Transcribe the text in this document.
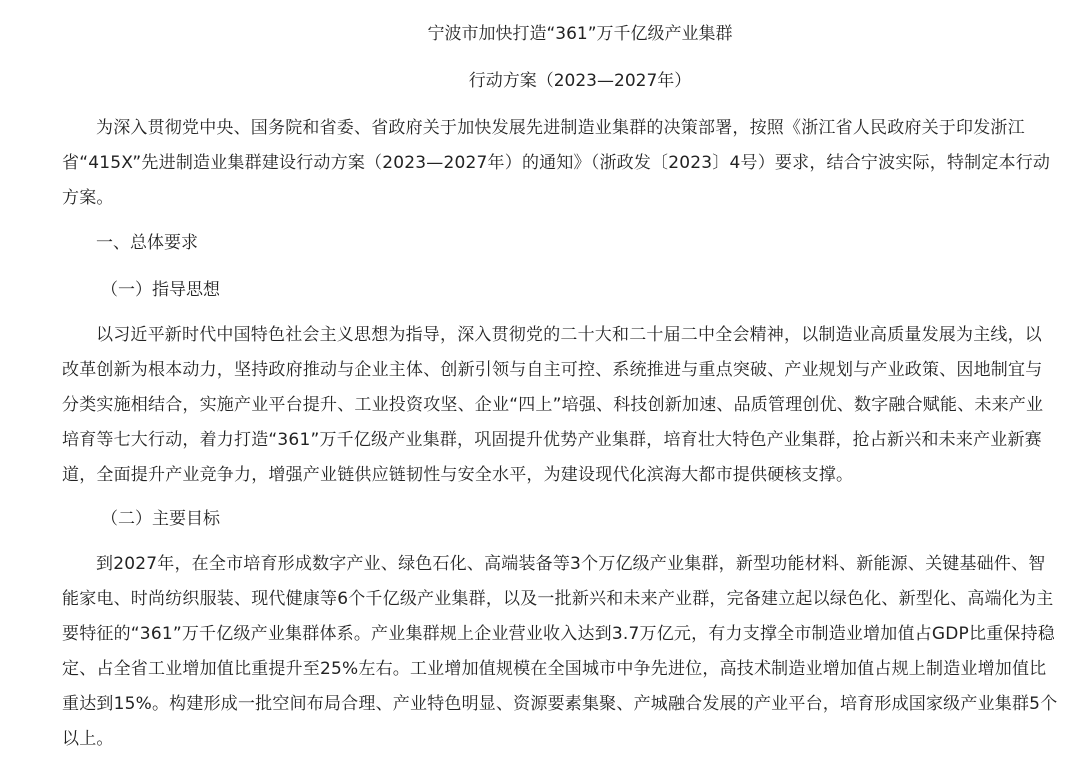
宁波市加快打造“361”万千亿级产业集群
行动方案（2023—2027年）

为深入贯彻党中央、国务院和省委、省政府关于加快发展先进制造业集群的决策部署，按照《浙江省人民政府关于印发浙江省“415X”先进制造业集群建设行动方案（2023—2027年）的通知》（浙政发〔2023〕4号）要求，结合宁波实际，特制定本行动方案。

一、总体要求
（一）指导思想

以习近平新时代中国特色社会主义思想为指导，深入贯彻党的二十大和二十届二中全会精神，以制造业高质量发展为主线，以改革创新为根本动力，坚持政府推动与企业主体、创新引领与自主可控、系统推进与重点突破、产业规划与产业政策、因地制宜与分类实施相结合，实施产业平台提升、工业投资攻坚、企业“四上”培强、科技创新加速、品质管理创优、数字融合赋能、未来产业培育等七大行动，着力打造“361”万千亿级产业集群，巩固提升优势产业集群，培育壮大特色产业集群，抢占新兴和未来产业新赛道，全面提升产业竞争力，增强产业链供应链韧性与安全水平，为建设现代化滨海大都市提供硬核支撑。

（二）主要目标

到2027年，在全市培育形成数字产业、绿色石化、高端装备等3个万亿级产业集群，新型功能材料、新能源、关键基础件、智能家电、时尚纺织服装、现代健康等6个千亿级产业集群，以及一批新兴和未来产业群，完备建立起以绿色化、新型化、高端化为主要特征的“361”万千亿级产业集群体系。产业集群规上企业营业收入达到3.7万亿元，有力支撑全市制造业增加值占GDP比重保持稳定、占全省工业增加值比重提升至25%左右。工业增加值规模在全国城市中争先进位，高技术制造业增加值占规上制造业增加值比重达到15%。构建形成一批空间布局合理、产业特色明显、资源要素集聚、产城融合发展的产业平台，培育形成国家级产业集群5个以上。
